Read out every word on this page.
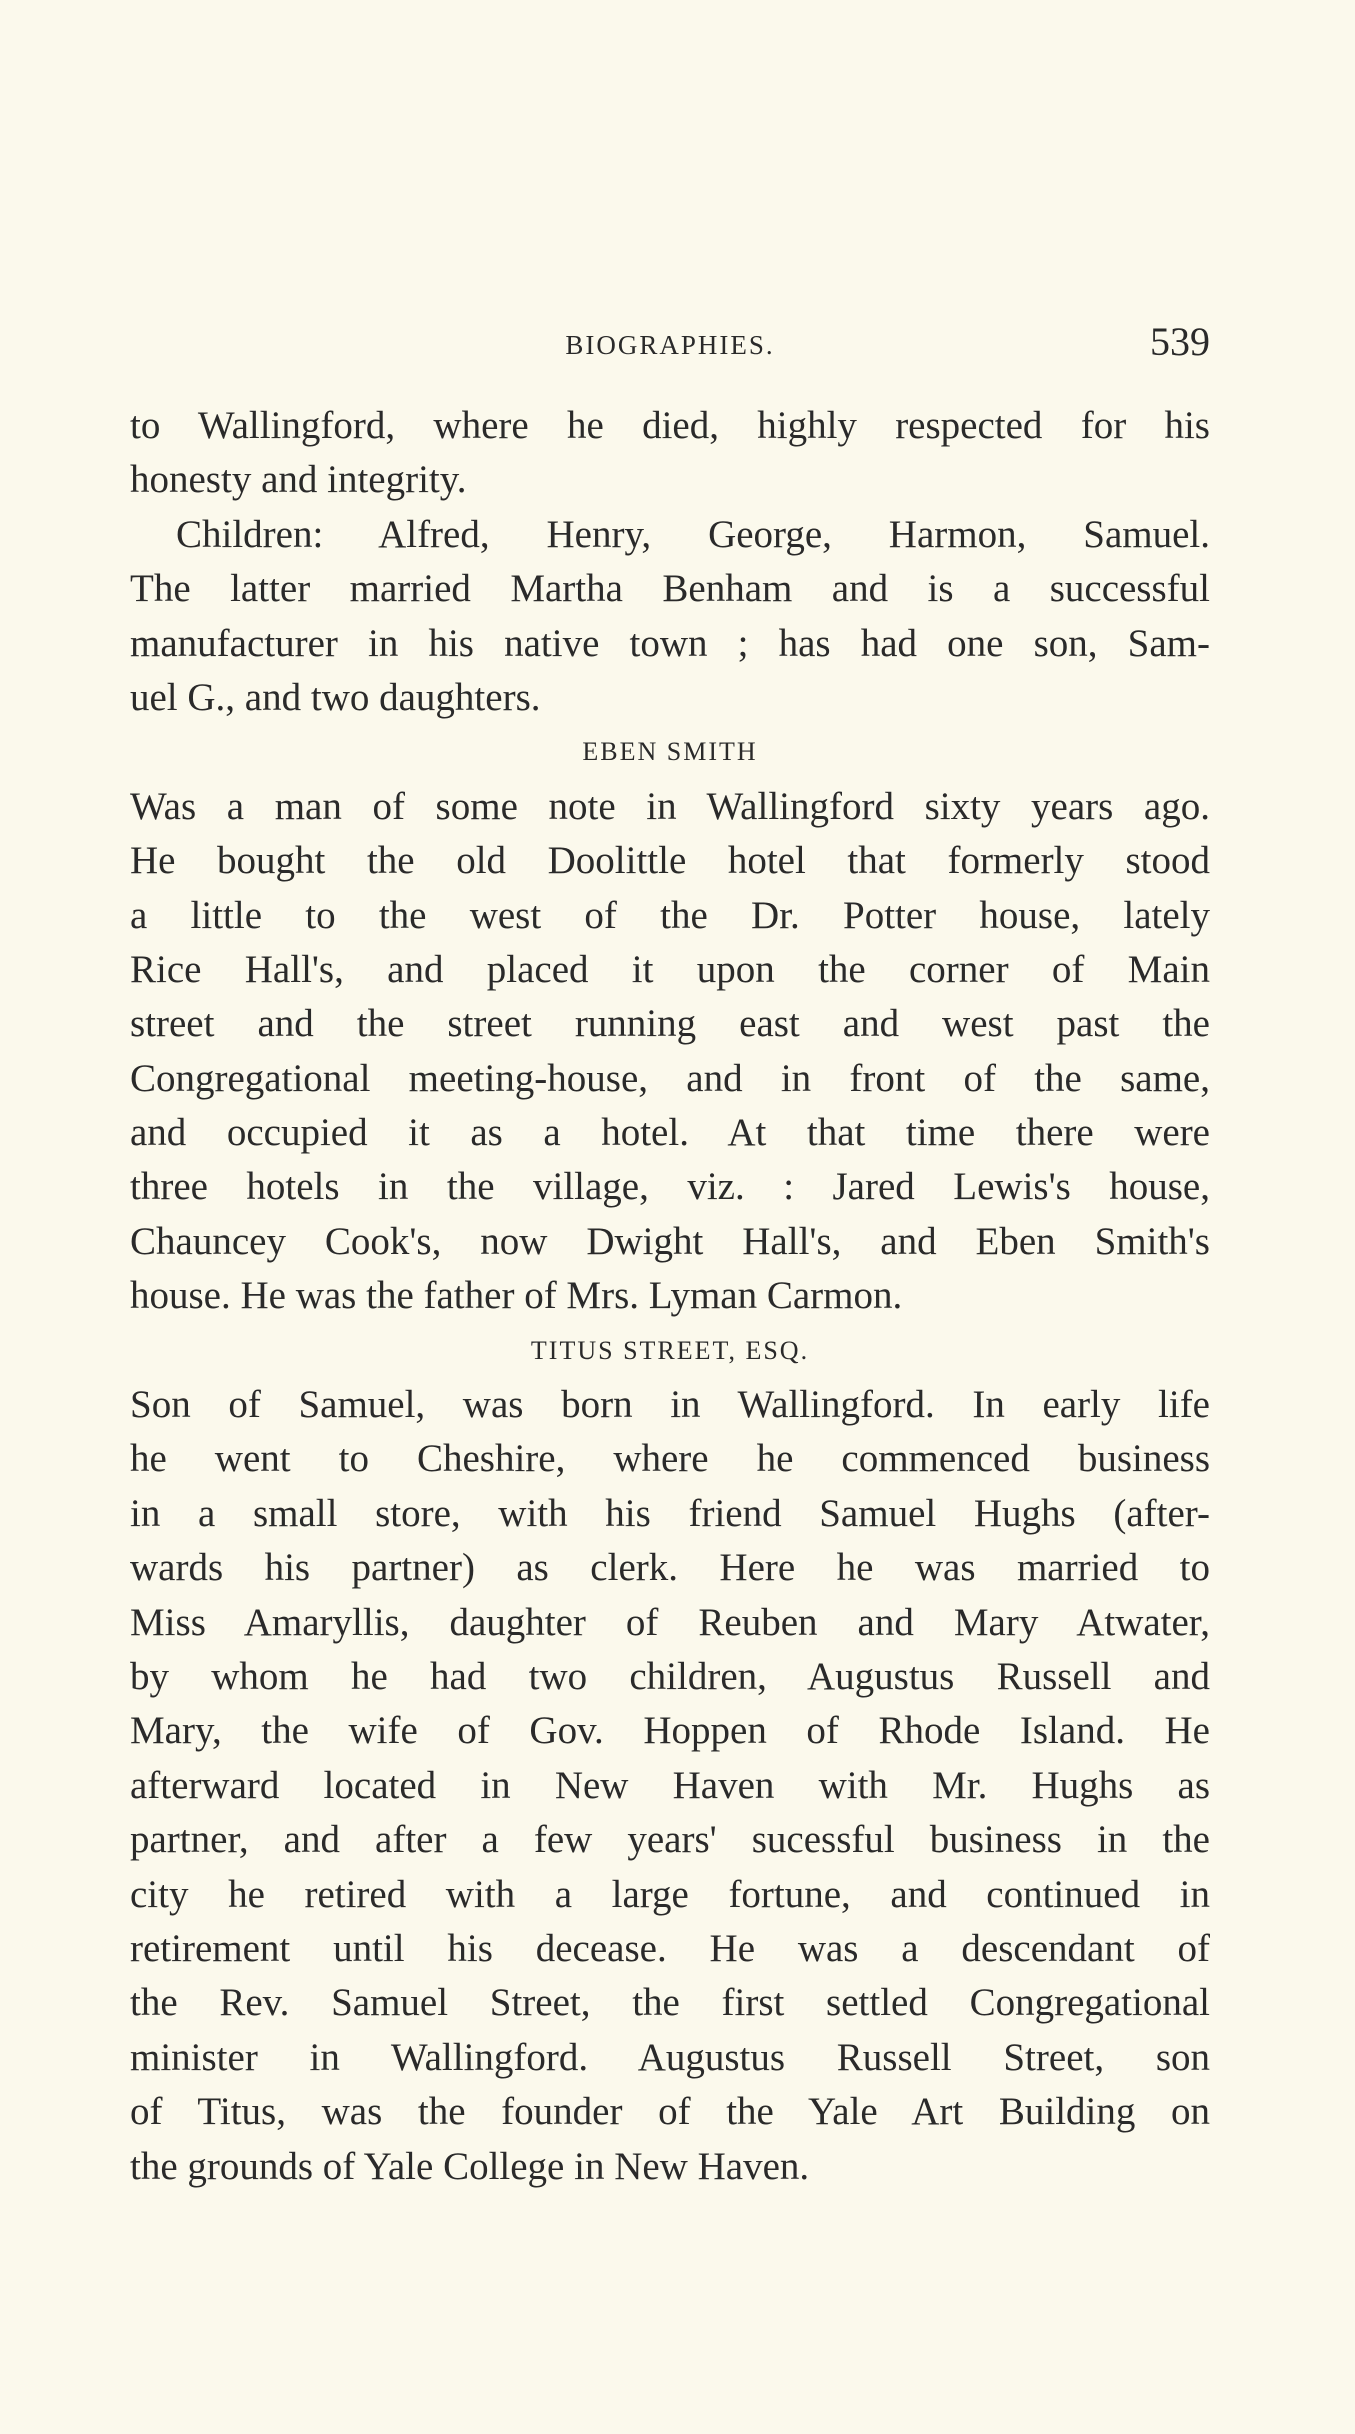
BIOGRAPHIES.	539
to Wallingford, where he died, highly respected for his
honesty and integrity.
Children: Alfred, Henry, George, Harmon, Samuel.
The latter married Martha Benham and is a successful
manufacturer in his native town ; has had one son, Sam-
uel G., and two daughters.
EBEN SMITH
Was a man of some note in Wallingford sixty years ago.
He bought the old Doolittle hotel that formerly stood
a little to the west of the Dr. Potter house, lately
Rice Hall's, and placed it upon the corner of Main
street and the street running east and west past the
Congregational meeting-house, and in front of the same,
and occupied it as a hotel. At that time there were
three hotels in the village, viz. : Jared Lewis's house,
Chauncey Cook's, now Dwight Hall's, and Eben Smith's
house. He was the father of Mrs. Lyman Carmon.
TITUS STREET, ESQ.
Son of Samuel, was born in Wallingford. In early life
he went to Cheshire, where he commenced business
in a small store, with his friend Samuel Hughs (after-
wards his partner) as clerk. Here he was married to
Miss Amaryllis, daughter of Reuben and Mary Atwater,
by whom he had two children, Augustus Russell and
Mary, the wife of Gov. Hoppen of Rhode Island. He
afterward located in New Haven with Mr. Hughs as
partner, and after a few years' sucessful business in the
city he retired with a large fortune, and continued in
retirement until his decease. He was a descendant of
the Rev. Samuel Street, the first settled Congregational
minister in Wallingford. Augustus Russell Street, son
of Titus, was the founder of the Yale Art Building on
the grounds of Yale College in New Haven.
